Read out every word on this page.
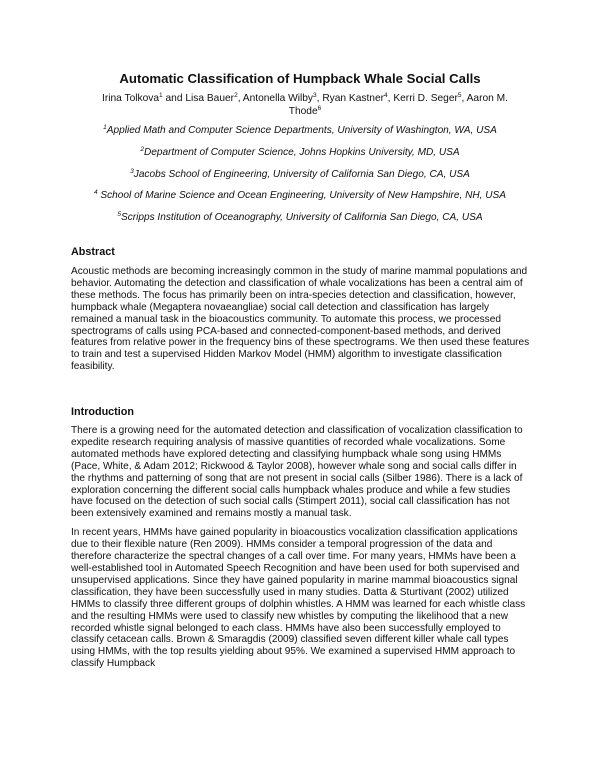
Automatic Classification of Humpback Whale Social Calls
Irina Tolkova$^1$ and Lisa Bauer$^2$, Antonella Wilby$^3$, Ryan Kastner$^4$, Kerri D. Seger$^5$, Aaron M. Thode$^6$
$^1$Applied Math and Computer Science Departments, University of Washington, WA, USA
$^2$Department of Computer Science, Johns Hopkins University, MD, USA
$^3$Jacobs School of Engineering, University of California San Diego, CA, USA
$^4$ School of Marine Science and Ocean Engineering, University of New Hampshire, NH, USA
$^5$Scripps Institution of Oceanography, University of California San Diego, CA, USA
Abstract

Acoustic methods are becoming increasingly common in the study of marine mammal populations and behavior. Automating the detection and classification of whale vocalizations has been a central aim of these methods. The focus has primarily been on intra-species detection and classification, however, humpback whale (Megaptera novaeangliae) social call detection and classification has largely remained a manual task in the bioacoustics community. To automate this process, we processed spectrograms of calls using PCA-based and connected-component-based methods, and derived features from relative power in the frequency bins of these spectrograms. We then used these features to train and test a supervised Hidden Markov Model (HMM) algorithm to investigate classification feasibility.

Introduction

There is a growing need for the automated detection and classification of vocalization classification to expedite research requiring analysis of massive quantities of recorded whale vocalizations. Some automated methods have explored detecting and classifying humpback whale song using HMMs (Pace, White, & Adam 2012; Rickwood & Taylor 2008), however whale song and social calls differ in the rhythms and patterning of song that are not present in social calls (Silber 1986). There is a lack of exploration concerning the different social calls humpback whales produce and while a few studies have focused on the detection of such social calls (Stimpert 2011), social call classification has not been extensively examined and remains mostly a manual task.

In recent years, HMMs have gained popularity in bioacoustics vocalization classification applications due to their flexible nature (Ren 2009). HMMs consider a temporal progression of the data and therefore characterize the spectral changes of a call over time. For many years, HMMs have been a well-established tool in Automated Speech Recognition and have been used for both supervised and unsupervised applications. Since they have gained popularity in marine mammal bioacoustics signal classification, they have been successfully used in many studies. Datta & Sturtivant (2002) utilized HMMs to classify three different groups of dolphin whistles. A HMM was learned for each whistle class and the resulting HMMs were used to classify new whistles by computing the likelihood that a new recorded whistle signal belonged to each class. HMMs have also been successfully employed to classify cetacean calls. Brown & Smaragdis (2009) classified seven different killer whale call types using HMMs, with the top results yielding about 95%. We examined a supervised HMM approach to classify Humpback
